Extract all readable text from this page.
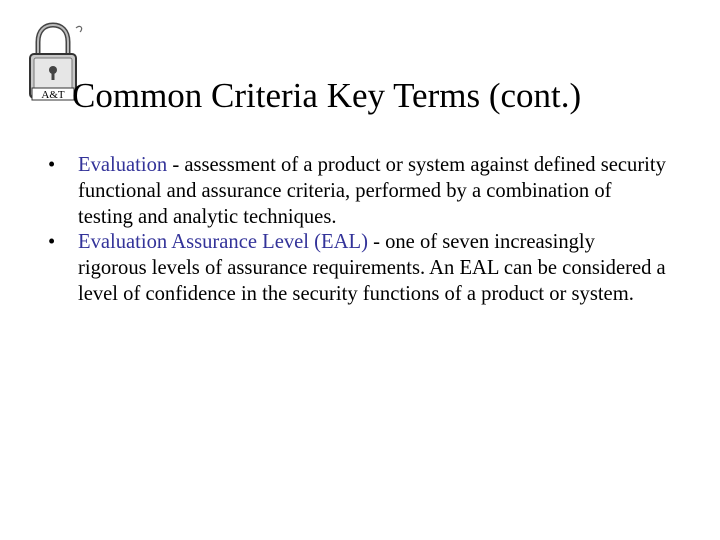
A&T Common Criteria Key Terms (cont.)
• Evaluation - assessment of a product or system against defined security functional and assurance criteria, performed by a combination of testing and analytic techniques.
• Evaluation Assurance Level (EAL) - one of seven increasingly rigorous levels of assurance requirements. An EAL can be considered a level of confidence in the security functions of a product or system.
